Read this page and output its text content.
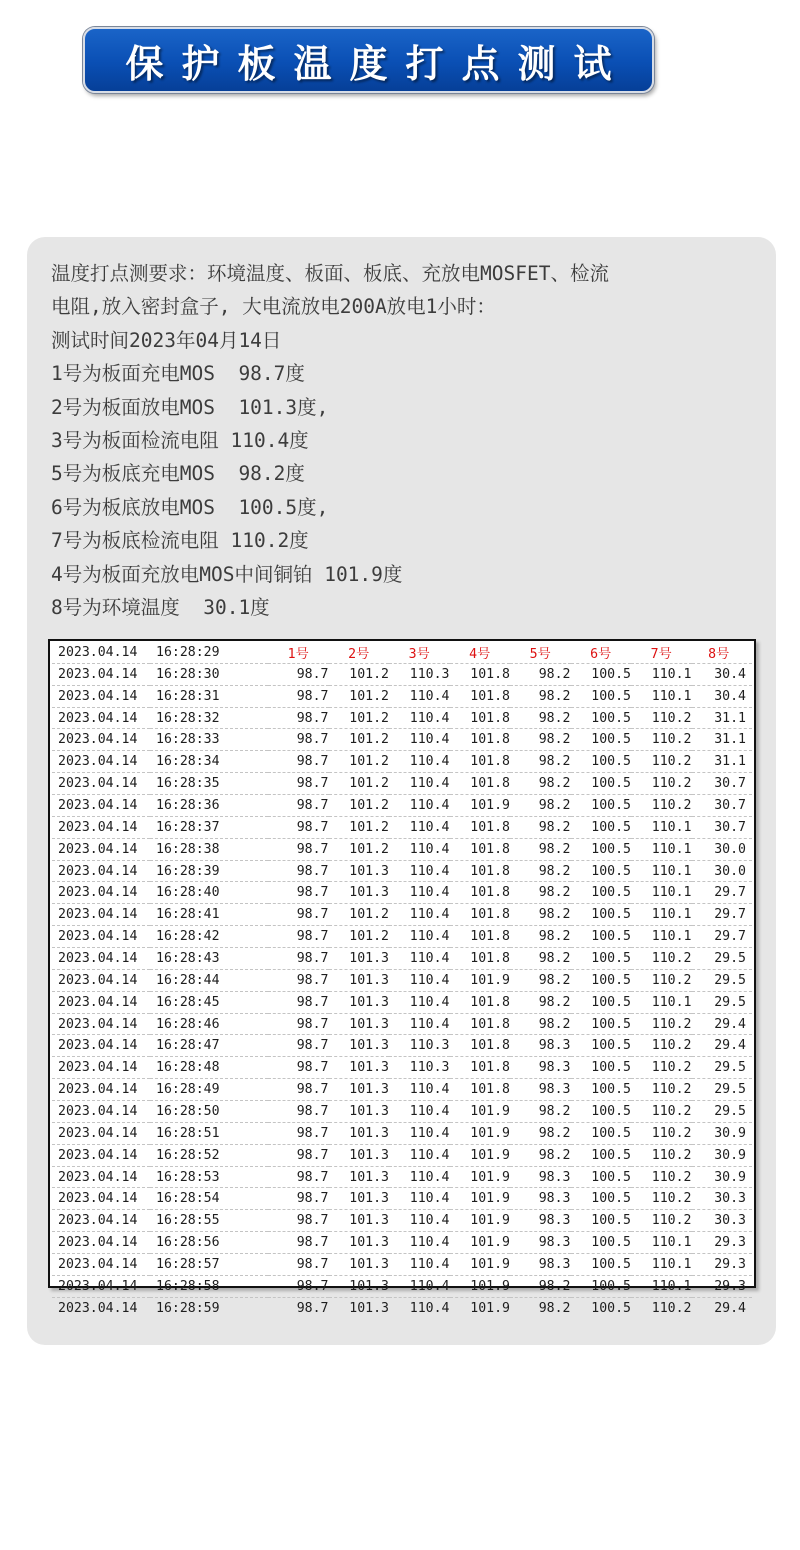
保护板温度打点测试
温度打点测要求：环境温度、板面、板底、充放电MOSFET、检流
电阻,放入密封盒子, 大电流放电200A放电1小时：
测试时间2023年04月14日
1号为板面充电MOS  98.7度
2号为板面放电MOS  101.3度,
3号为板面检流电阻 110.4度
5号为板底充电MOS  98.2度
6号为板底放电MOS  100.5度,
7号为板底检流电阻 110.2度
4号为板面充放电MOS中间铜铂 101.9度
8号为环境温度  30.1度
2023.04.14	16:28:29	1号	2号	3号	4号	5号	6号	7号	8号
2023.04.14	16:28:30	98.7	101.2	110.3	101.8	98.2	100.5	110.1	30.4
2023.04.14	16:28:31	98.7	101.2	110.4	101.8	98.2	100.5	110.1	30.4
2023.04.14	16:28:32	98.7	101.2	110.4	101.8	98.2	100.5	110.2	31.1
2023.04.14	16:28:33	98.7	101.2	110.4	101.8	98.2	100.5	110.2	31.1
2023.04.14	16:28:34	98.7	101.2	110.4	101.8	98.2	100.5	110.2	31.1
2023.04.14	16:28:35	98.7	101.2	110.4	101.8	98.2	100.5	110.2	30.7
2023.04.14	16:28:36	98.7	101.2	110.4	101.9	98.2	100.5	110.2	30.7
2023.04.14	16:28:37	98.7	101.2	110.4	101.8	98.2	100.5	110.1	30.7
2023.04.14	16:28:38	98.7	101.2	110.4	101.8	98.2	100.5	110.1	30.0
2023.04.14	16:28:39	98.7	101.3	110.4	101.8	98.2	100.5	110.1	30.0
2023.04.14	16:28:40	98.7	101.3	110.4	101.8	98.2	100.5	110.1	29.7
2023.04.14	16:28:41	98.7	101.2	110.4	101.8	98.2	100.5	110.1	29.7
2023.04.14	16:28:42	98.7	101.2	110.4	101.8	98.2	100.5	110.1	29.7
2023.04.14	16:28:43	98.7	101.3	110.4	101.8	98.2	100.5	110.2	29.5
2023.04.14	16:28:44	98.7	101.3	110.4	101.9	98.2	100.5	110.2	29.5
2023.04.14	16:28:45	98.7	101.3	110.4	101.8	98.2	100.5	110.1	29.5
2023.04.14	16:28:46	98.7	101.3	110.4	101.8	98.2	100.5	110.2	29.4
2023.04.14	16:28:47	98.7	101.3	110.3	101.8	98.3	100.5	110.2	29.4
2023.04.14	16:28:48	98.7	101.3	110.3	101.8	98.3	100.5	110.2	29.5
2023.04.14	16:28:49	98.7	101.3	110.4	101.8	98.3	100.5	110.2	29.5
2023.04.14	16:28:50	98.7	101.3	110.4	101.9	98.2	100.5	110.2	29.5
2023.04.14	16:28:51	98.7	101.3	110.4	101.9	98.2	100.5	110.2	30.9
2023.04.14	16:28:52	98.7	101.3	110.4	101.9	98.2	100.5	110.2	30.9
2023.04.14	16:28:53	98.7	101.3	110.4	101.9	98.3	100.5	110.2	30.9
2023.04.14	16:28:54	98.7	101.3	110.4	101.9	98.3	100.5	110.2	30.3
2023.04.14	16:28:55	98.7	101.3	110.4	101.9	98.3	100.5	110.2	30.3
2023.04.14	16:28:56	98.7	101.3	110.4	101.9	98.3	100.5	110.1	29.3
2023.04.14	16:28:57	98.7	101.3	110.4	101.9	98.3	100.5	110.1	29.3
2023.04.14	16:28:58	98.7	101.3	110.4	101.9	98.2	100.5	110.1	29.3
2023.04.14	16:28:59	98.7	101.3	110.4	101.9	98.2	100.5	110.2	29.4
